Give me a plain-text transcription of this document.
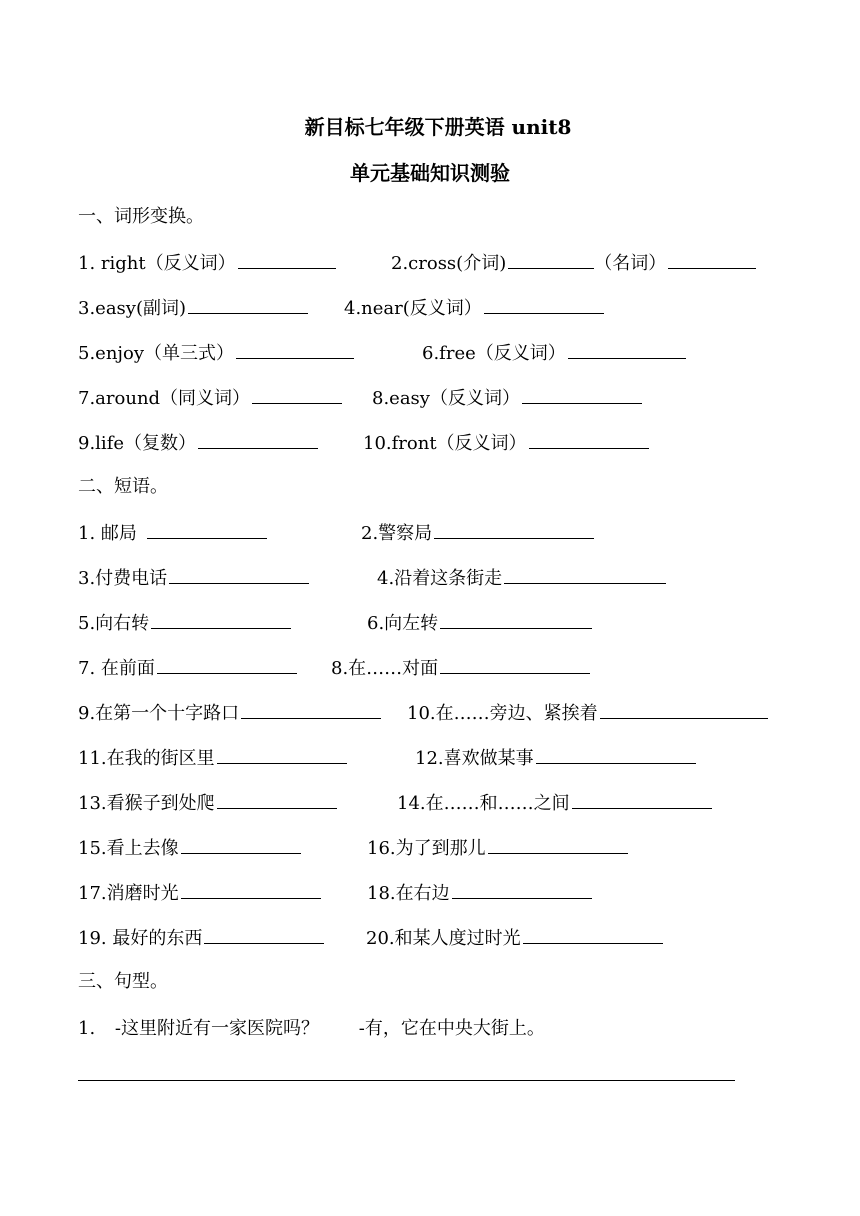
新目标七年级下册英语 unit8
单元基础知识测验
一、词形变换。
1. right（反义词）	2.cross(介词)	（名词）
3.easy(副词)	4.near(反义词）
5.enjoy（单三式）	6.free（反义词）
7.around（同义词）	8.easy（反义词）
9.life（复数）	10.front（反义词）
二、短语。
1. 邮局	2.警察局
3.付费电话	4.沿着这条街走
5.向右转	6.向左转
7. 在前面	8.在……对面
9.在第一个十字路口	10.在……旁边、紧挨着
11.在我的街区里	12.喜欢做某事
13.看猴子到处爬	14.在……和……之间
15.看上去像	16.为了到那儿
17.消磨时光	18.在右边
19. 最好的东西	20.和某人度过时光
三、句型。
1. -这里附近有一家医院吗？ -有，它在中央大街上。
